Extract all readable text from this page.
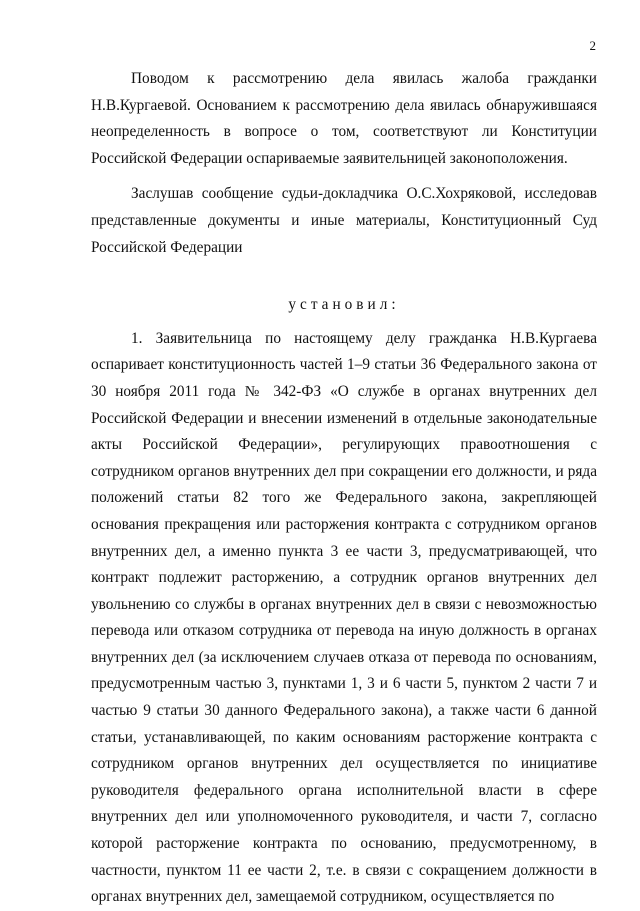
2

Поводом к рассмотрению дела явилась жалоба гражданки Н.В.Кургаевой. Основанием к рассмотрению дела явилась обнаружившаяся неопределенность в вопросе о том, соответствуют ли Конституции Российской Федерации оспариваемые заявительницей законоположения.

Заслушав сообщение судьи-докладчика О.С.Хохряковой, исследовав представленные документы и иные материалы, Конституционный Суд Российской Федерации

установил:

1. Заявительница по настоящему делу гражданка Н.В.Кургаева оспаривает конституционность частей 1–9 статьи 36 Федерального закона от 30 ноября 2011 года № 342-ФЗ «О службе в органах внутренних дел Российской Федерации и внесении изменений в отдельные законодательные акты Российской Федерации», регулирующих правоотношения с сотрудником органов внутренних дел при сокращении его должности, и ряда положений статьи 82 того же Федерального закона, закрепляющей основания прекращения или расторжения контракта с сотрудником органов внутренних дел, а именно пункта 3 ее части 3, предусматривающей, что контракт подлежит расторжению, а сотрудник органов внутренних дел увольнению со службы в органах внутренних дел в связи с невозможностью перевода или отказом сотрудника от перевода на иную должность в органах внутренних дел (за исключением случаев отказа от перевода по основаниям, предусмотренным частью 3, пунктами 1, 3 и 6 части 5, пунктом 2 части 7 и частью 9 статьи 30 данного Федерального закона), а также части 6 данной статьи, устанавливающей, по каким основаниям расторжение контракта с сотрудником органов внутренних дел осуществляется по инициативе руководителя федерального органа исполнительной власти в сфере внутренних дел или уполномоченного руководителя, и части 7, согласно которой расторжение контракта по основанию, предусмотренному, в частности, пунктом 11 ее части 2, т.е. в связи с сокращением должности в органах внутренних дел, замещаемой сотрудником, осуществляется по
